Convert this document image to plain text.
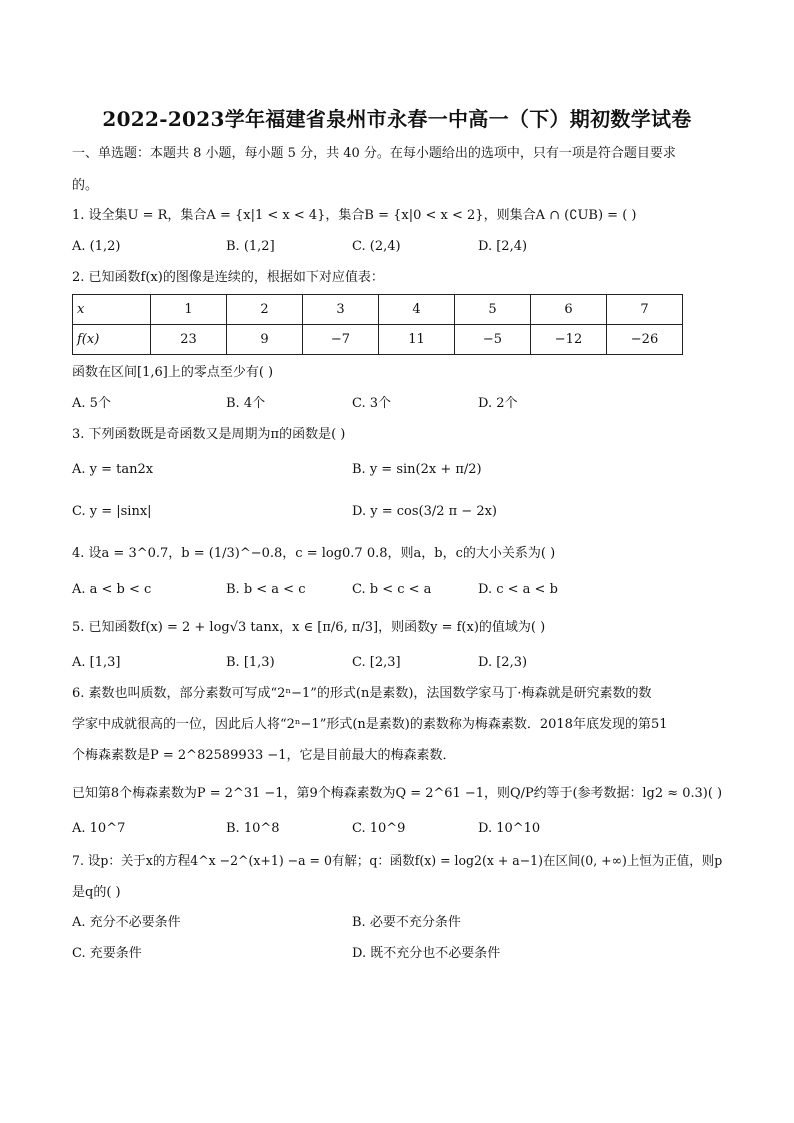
2022-2023学年福建省泉州市永春一中高一（下）期初数学试卷
一、单选题：本题共 8 小题，每小题 5 分，共 40 分。在每小题给出的选项中，只有一项是符合题目要求
的。
1. 设全集U = R，集合A = {x|1 < x < 4}，集合B = {x|0 < x < 2}，则集合A ∩ (∁UB) = ( )
A. (1,2)	B. (1,2]	C. (2,4)	D. [2,4)
2. 已知函数f(x)的图像是连续的，根据如下对应值表：
x	1	2	3	4	5	6	7
f(x)	23	9	−7	11	−5	−12	−26
函数在区间[1,6]上的零点至少有( )
A. 5个	B. 4个	C. 3个	D. 2个
3. 下列函数既是奇函数又是周期为π的函数是( )
A. y = tan2x	B. y = sin(2x + π/2)
C. y = |sinx|	D. y = cos(3/2 π − 2x)
4. 设a = 3^0.7，b = (1/3)^−0.8，c = log0.7 0.8，则a，b，c的大小关系为( )
A. a < b < c	B. b < a < c	C. b < c < a	D. c < a < b
5. 已知函数f(x) = 2 + log√3 tanx，x ∈ [π/6, π/3]，则函数y = f(x)的值域为( )
A. [1,3]	B. [1,3)	C. [2,3]	D. [2,3)
6. 素数也叫质数，部分素数可写成“2ⁿ−1”的形式(n是素数)，法国数学家马丁·梅森就是研究素数的数
学家中成就很高的一位，因此后人将“2ⁿ−1”形式(n是素数)的素数称为梅森素数．2018年底发现的第51
个梅森素数是P = 2^82589933 −1，它是目前最大的梅森素数．
已知第8个梅森素数为P = 2^31 −1，第9个梅森素数为Q = 2^61 −1，则Q/P约等于(参考数据：lg2 ≈ 0.3)( )
A. 10^7	B. 10^8	C. 10^9	D. 10^10
7. 设p：关于x的方程4^x −2^(x+1) −a = 0有解；q：函数f(x) = log2(x + a−1)在区间(0, +∞)上恒为正值，则p
是q的( )
A. 充分不必要条件	B. 必要不充分条件
C. 充要条件	D. 既不充分也不必要条件
